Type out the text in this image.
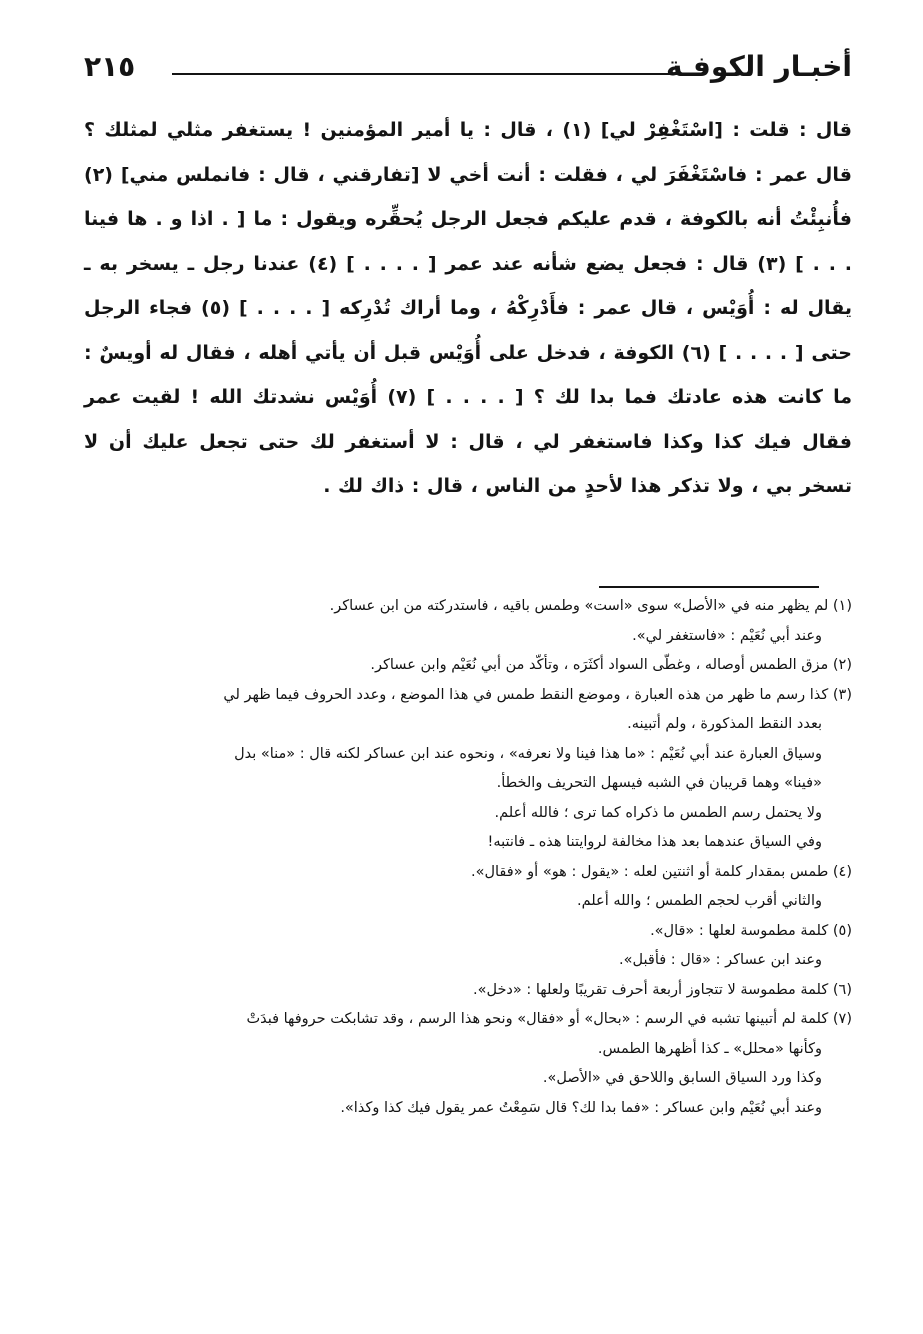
أخبـار الكوفـة
٢١٥
قال : قلت : [اسْتَغْفِرْ لي] (١) ، قال : يا أمير المؤمنين ! يستغفر مثلي لمثلك ؟ قال عمر : فاسْتَغْفَرَ لي ، فقلت : أنت أخي لا [تفارقني ، قال : فانملس مني] (٢) فأُنبِئْتُ أنه بالكوفة ، قدم عليكم فجعل الرجل يُحقِّره ويقول : ما [ . اذا و . ها فينا . . . ] (٣) قال : فجعل يضع شأنه عند عمر [ . . . . ] (٤) عندنا رجل ـ يسخر به ـ يقال له : أُوَيْس ، قال عمر : فأَدْرِكْهُ ، وما أراك تُدْرِكه [ . . . . ] (٥) فجاء الرجل حتى [ . . . . ] (٦) الكوفة ، فدخل على أُوَيْس قبل أن يأتي أهله ، فقال له أويسٌ : ما كانت هذه عادتك فما بدا لك ؟ [ . . . . ] (٧) أُوَيْس نشدتك الله ! لقيت عمر فقال فيك كذا وكذا فاستغفر لي ، قال : لا أستغفر لك حتى تجعل عليك أن لا تسخر بي ، ولا تذكر هذا لأحدٍ من الناس ، قال : ذاك لك .
(١) لم يظهر منه في «الأصل» سوى «است» وطمس باقيه ، فاستدركته من ابن عساكر.
وعند أبي نُعَيْم : «فاستغفر لي».
(٢) مزق الطمس أوصاله ، وغطّى السواد أكثَرَه ، وتأكّد من أبي نُعَيْم وابن عساكر.
(٣) كذا رسم ما ظهر من هذه العبارة ، وموضع النقط طمس في هذا الموضع ، وعدد الحروف فيما ظهر لي
بعدد النقط المذكورة ، ولم أتبينه.
وسياق العبارة عند أبي نُعَيْم : «ما هذا فينا ولا نعرفه» ، ونحوه عند ابن عساكر لكنه قال : «منا» بدل
«فينا» وهما قريبان في الشبه فيسهل التحريف والخطأ.
ولا يحتمل رسم الطمس ما ذكراه كما ترى ؛ فالله أعلم.
وفي السياق عندهما بعد هذا مخالفة لروايتنا هذه ـ فانتبه!
(٤) طمس بمقدار كلمة أو اثنتين لعله : «يقول : هو» أو «فقال».
والثاني أقرب لحجم الطمس ؛ والله أعلم.
(٥) كلمة مطموسة لعلها : «قال».
وعند ابن عساكر : «قال : فأقبل».
(٦) كلمة مطموسة لا تتجاوز أربعة أحرف تقريبًا ولعلها : «دخل».
(٧) كلمة لم أتبينها تشبه في الرسم : «بحال» أو «فقال» ونحو هذا الرسم ، وقد تشابكت حروفها فبدَتْ
وكأنها «محلل» ـ كذا أظهرها الطمس.
وكذا ورد السياق السابق واللاحق في «الأصل».
وعند أبي نُعَيْم وابن عساكر : «فما بدا لك؟ قال سَمِعْتُ عمر يقول فيك كذا وكذا».
